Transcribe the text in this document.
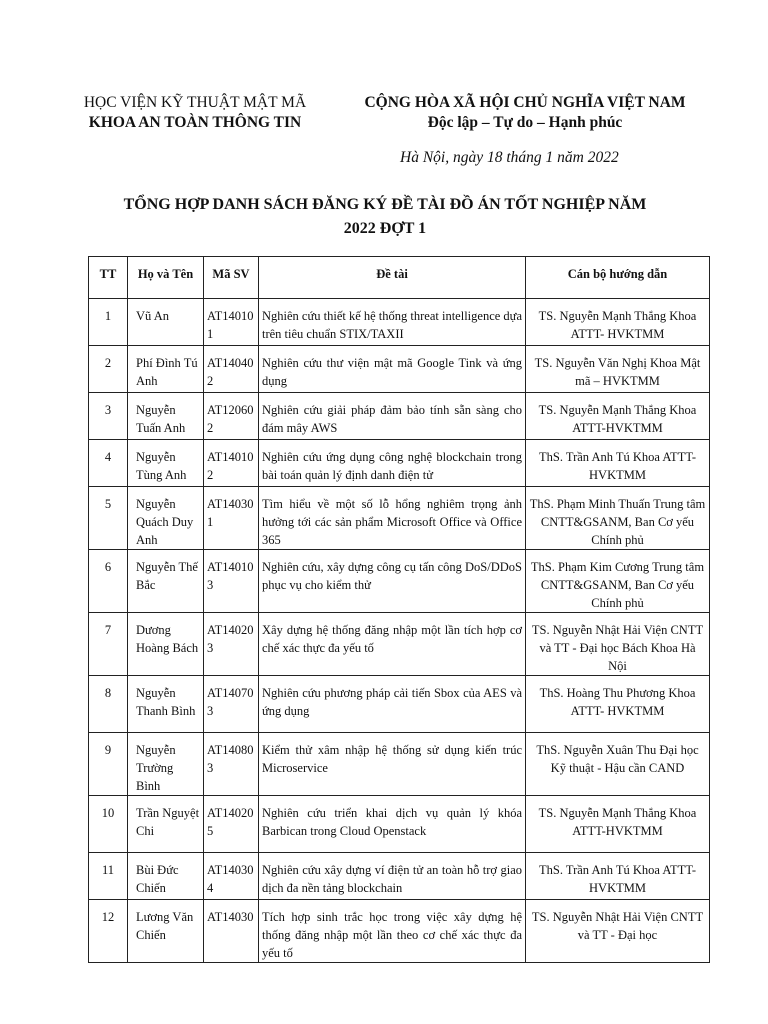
HỌC VIỆN KỸ THUẬT MẬT MÃ
KHOA AN TOÀN THÔNG TIN
CỘNG HÒA XÃ HỘI CHỦ NGHĨA VIỆT NAM
Độc lập – Tự do – Hạnh phúc
Hà Nội, ngày 18 tháng 1 năm 2022
TỔNG HỢP DANH SÁCH ĐĂNG KÝ ĐỀ TÀI ĐỒ ÁN TỐT NGHIỆP NĂM
2022 ĐỢT 1
TT	Họ và Tên	Mã SV	Đề tài	Cán bộ hướng dẫn
1	Vũ An	AT14010 1	Nghiên cứu thiết kế hệ thống threat intelligence dựa trên tiêu chuẩn STIX/TAXII	TS. Nguyễn Mạnh Thắng Khoa ATTT- HVKTMM
2	Phí Đình Tú Anh	AT14040 2	Nghiên cứu thư viện mật mã Google Tink và ứng dụng	TS. Nguyễn Văn Nghị Khoa Mật mã – HVKTMM
3	Nguyễn Tuấn Anh	AT12060 2	Nghiên cứu giải pháp đảm bảo tính sẵn sàng cho đám mây AWS	TS. Nguyễn Mạnh Thắng Khoa ATTT-HVKTMM
4	Nguyễn Tùng Anh	AT14010 2	Nghiên cứu ứng dụng công nghệ blockchain trong bài toán quản lý định danh điện tử	ThS. Trần Anh Tú Khoa ATTT- HVKTMM
5	Nguyễn Quách Duy Anh	AT14030 1	Tìm hiểu về một số lỗ hổng nghiêm trọng ảnh hưởng tới các sản phẩm Microsoft Office và Office 365	ThS. Phạm Minh Thuấn Trung tâm CNTT&GSANM, Ban Cơ yếu Chính phủ
6	Nguyễn Thế Bắc	AT14010 3	Nghiên cứu, xây dựng công cụ tấn công DoS/DDoS phục vụ cho kiểm thử	ThS. Phạm Kim Cương Trung tâm CNTT&GSANM, Ban Cơ yếu Chính phủ
7	Dương Hoàng Bách	AT14020 3	Xây dựng hệ thống đăng nhập một lần tích hợp cơ chế xác thực đa yếu tố	TS. Nguyễn Nhật Hải Viện CNTT và TT - Đại học Bách Khoa Hà Nội
8	Nguyễn Thanh Bình	AT14070 3	Nghiên cứu phương pháp cải tiến Sbox của AES và ứng dụng	ThS. Hoàng Thu Phương Khoa ATTT- HVKTMM
9	Nguyễn Trường Bình	AT14080 3	Kiểm thử xâm nhập hệ thống sử dụng kiến trúc Microservice	ThS. Nguyễn Xuân Thu Đại học Kỹ thuật - Hậu cần CAND
10	Trần Nguyệt Chi	AT14020 5	Nghiên cứu triển khai dịch vụ quản lý khóa Barbican trong Cloud Openstack	TS. Nguyễn Mạnh Thắng Khoa ATTT-HVKTMM
11	Bùi Đức Chiến	AT14030 4	Nghiên cứu xây dựng ví điện tử an toàn hỗ trợ giao dịch đa nền tảng blockchain	ThS. Trần Anh Tú Khoa ATTT-HVKTMM
12	Lương Văn Chiến	AT14030	Tích hợp sinh trắc học trong việc xây dựng hệ thống đăng nhập một lần theo cơ chế xác thực đa yếu tố	TS. Nguyễn Nhật Hải Viện CNTT và TT - Đại học
